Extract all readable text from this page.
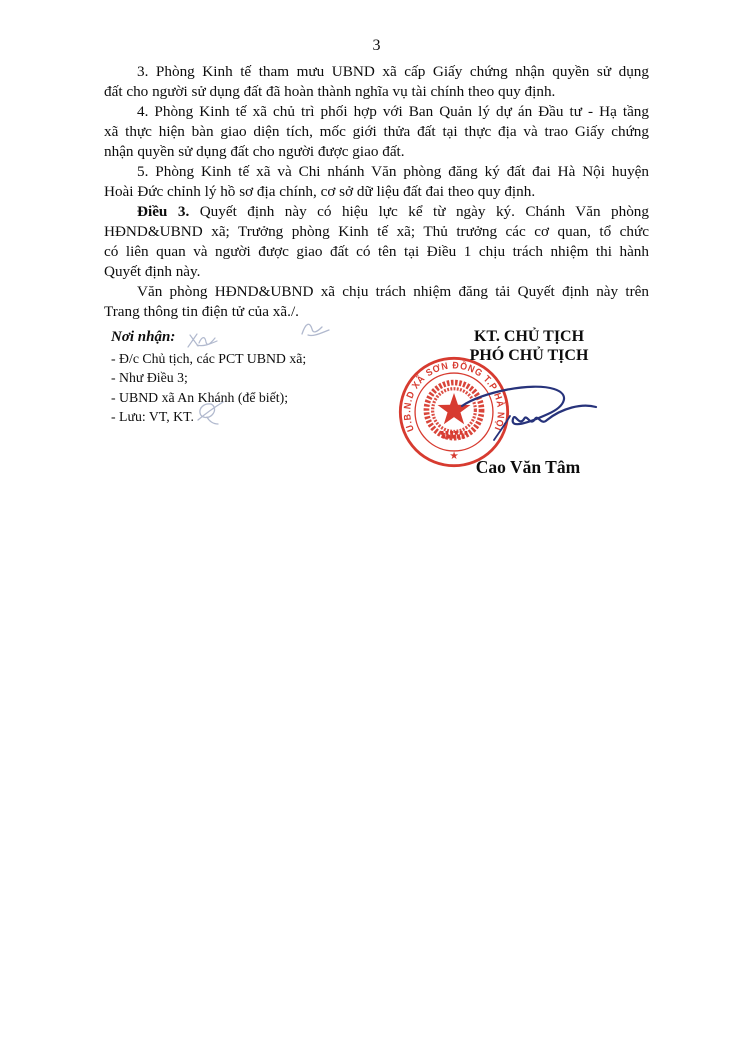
3
3. Phòng Kinh tế tham mưu UBND xã cấp Giấy chứng nhận quyền sử dụng
đất cho người sử dụng đất đã hoàn thành nghĩa vụ tài chính theo quy định.
4. Phòng Kinh tế xã chủ trì phối hợp với Ban Quản lý dự án Đầu tư - Hạ tầng
xã thực hiện bàn giao diện tích, mốc giới thửa đất tại thực địa và trao Giấy chứng
nhận quyền sử dụng đất cho người được giao đất.
5. Phòng Kinh tế xã và Chi nhánh Văn phòng đăng ký đất đai Hà Nội huyện
Hoài Đức chỉnh lý hồ sơ địa chính, cơ sở dữ liệu đất đai theo quy định.
Điều 3. Quyết định này có hiệu lực kể từ ngày ký. Chánh Văn phòng
HĐND&UBND xã; Trưởng phòng Kinh tế xã; Thủ trưởng các cơ quan, tổ chức
có liên quan và người được giao đất có tên tại Điều 1 chịu trách nhiệm thi hành
Quyết định này.
Văn phòng HĐND&UBND xã chịu trách nhiệm đăng tải Quyết định này trên
Trang thông tin điện tử của xã./.
Nơi nhận:
- Đ/c Chủ tịch, các PCT UBND xã;
- Như Điều 3;
- UBND xã An Khánh (để biết);
- Lưu: VT, KT.
KT. CHỦ TỊCH
PHÓ CHỦ TỊCH
U.B.N.D XÃ SƠN ĐỒNG T.P HÀ NỘI
★
Cao Văn Tâm
